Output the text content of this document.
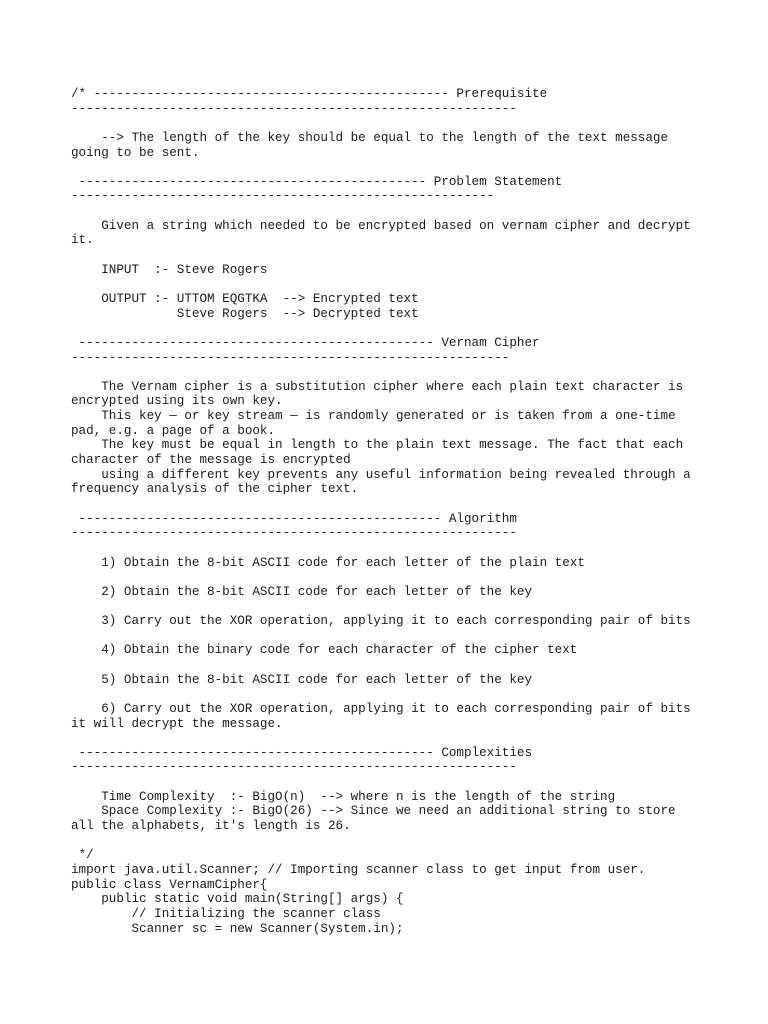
/* ----------------------------------------------- Prerequisite
-----------------------------------------------------------
--> The length of the key should be equal to the length of the text message
going to be sent.
---------------------------------------------- Problem Statement
--------------------------------------------------------
Given a string which needed to be encrypted based on vernam cipher and decrypt
it.
INPUT  :- Steve Rogers
OUTPUT :- UTTOM EQGTKA  --> Encrypted text
Steve Rogers  --> Decrypted text
----------------------------------------------- Vernam Cipher
----------------------------------------------------------
The Vernam cipher is a substitution cipher where each plain text character is
encrypted using its own key.
This key — or key stream — is randomly generated or is taken from a one-time
pad, e.g. a page of a book.
The key must be equal in length to the plain text message. The fact that each
character of the message is encrypted
using a different key prevents any useful information being revealed through a
frequency analysis of the cipher text.
------------------------------------------------ Algorithm
-----------------------------------------------------------
1) Obtain the 8-bit ASCII code for each letter of the plain text
2) Obtain the 8-bit ASCII code for each letter of the key
3) Carry out the XOR operation, applying it to each corresponding pair of bits
4) Obtain the binary code for each character of the cipher text
5) Obtain the 8-bit ASCII code for each letter of the key
6) Carry out the XOR operation, applying it to each corresponding pair of bits
it will decrypt the message.
----------------------------------------------- Complexities
-----------------------------------------------------------
Time Complexity  :- BigO(n)  --> where n is the length of the string
Space Complexity :- BigO(26) --> Since we need an additional string to store
all the alphabets, it's length is 26.
*/
import java.util.Scanner; // Importing scanner class to get input from user.
public class VernamCipher{
public static void main(String[] args) {
// Initializing the scanner class
Scanner sc = new Scanner(System.in);
